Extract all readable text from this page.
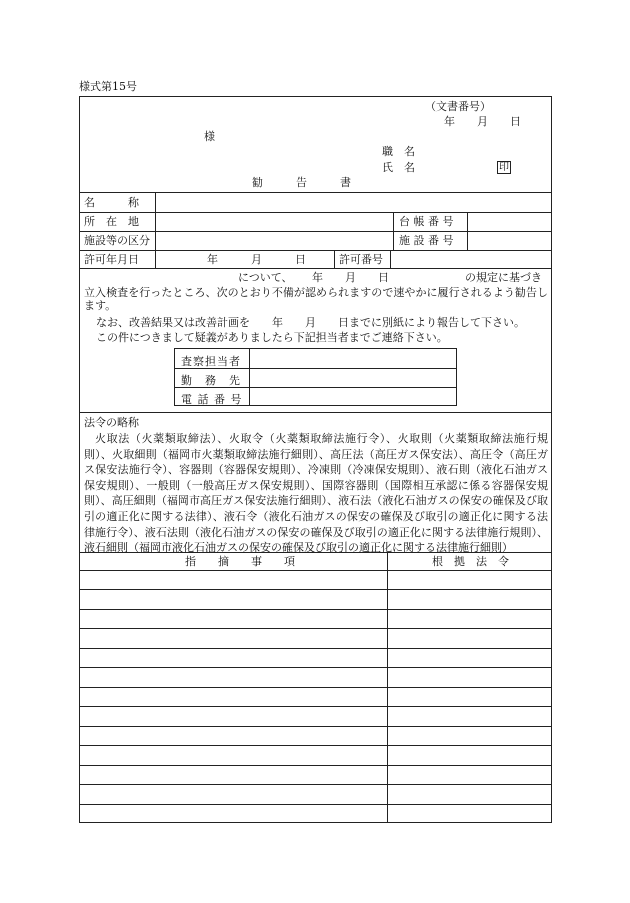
様式第15号
（文書番号）
年　　月　　日
様
職　名
氏　名	印
勧　　　告　　　書
名　　　称
所　在　地	台 帳 番 号
施設等の区分	施 設 番 号
許可年月日	年　　　月　　　日	許可番号
について、 年　　月　　日	の規定に基づき
立入検査を行ったところ、次のとおり不備が認められますので速やかに履行されるよう勧告します。
なお、改善結果又は改善計画を　　年　　月　　日までに別紙により報告して下さい。
この件につきまして疑義がありましたら下記担当者までご連絡下さい。
査察担当者
勤　務　先
電 話 番 号
法令の略称
火取法（火薬類取締法）、火取令（火薬類取締法施行令）、火取則（火薬類取締法施行規則）、火取細則（福岡市火薬類取締法施行細則）、高圧法（高圧ガス保安法）、高圧令（高圧ガス保安法施行令）、容器則（容器保安規則）、冷凍則（冷凍保安規則）、液石則（液化石油ガス保安規則）、一般則（一般高圧ガス保安規則）、国際容器則（国際相互承認に係る容器保安規則）、高圧細則（福岡市高圧ガス保安法施行細則）、液石法（液化石油ガスの保安の確保及び取引の適正化に関する法律）、液石令（液化石油ガスの保安の確保及び取引の適正化に関する法律施行令）、液石法則（液化石油ガスの保安の確保及び取引の適正化に関する法律施行規則）、液石細則（福岡市液化石油ガスの保安の確保及び取引の適正化に関する法律施行細則）
指　　摘　　事　　項	根　拠　法　令
